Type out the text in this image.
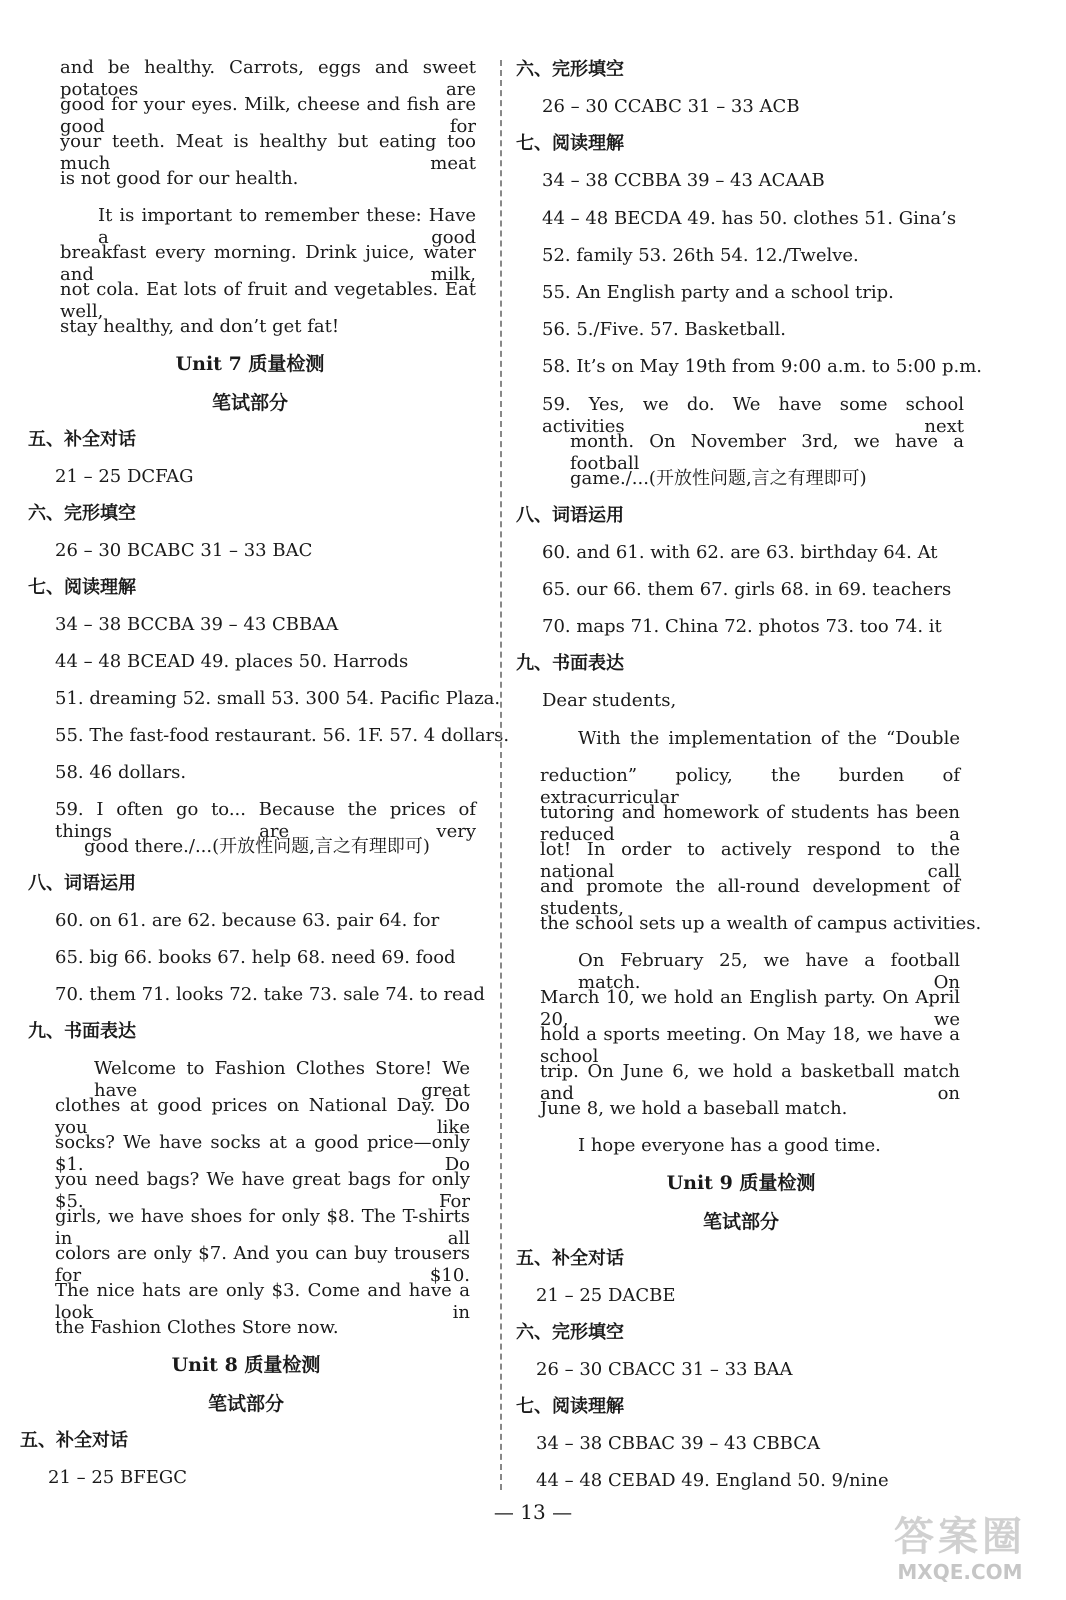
and be healthy. Carrots, eggs and sweet potatoes are
good for your eyes. Milk, cheese and fish are good for
your teeth. Meat is healthy but eating too much meat
is not good for our health.
It is important to remember these: Have a good
breakfast every morning. Drink juice, water and milk,
not cola. Eat lots of fruit and vegetables. Eat well,
stay healthy, and don’t get fat!
Unit 7 质量检测
笔试部分
五、补全对话
21 – 25 DCFAG
六、完形填空
26 – 30 BCABC 31 – 33 BAC
七、阅读理解
34 – 38 BCCBA 39 – 43 CBBAA
44 – 48 BCEAD 49. places 50. Harrods
51. dreaming 52. small 53. 300 54. Pacific Plaza.
55. The fast-food restaurant. 56. 1F. 57. 4 dollars.
58. 46 dollars.
59. I often go to... Because the prices of things are very
good there./...(开放性问题,言之有理即可)
八、词语运用
60. on 61. are 62. because 63. pair 64. for
65. big 66. books 67. help 68. need 69. food
70. them 71. looks 72. take 73. sale 74. to read
九、书面表达
Welcome to Fashion Clothes Store! We have great
clothes at good prices on National Day. Do you like
socks? We have socks at a good price—only $1. Do
you need bags? We have great bags for only $5. For
girls, we have shoes for only $8. The T-shirts in all
colors are only $7. And you can buy trousers for $10.
The nice hats are only $3. Come and have a look in
the Fashion Clothes Store now.
Unit 8 质量检测
笔试部分
五、补全对话
21 – 25 BFEGC
六、完形填空
26 – 30 CCABC 31 – 33 ACB
七、阅读理解
34 – 38 CCBBA 39 – 43 ACAAB
44 – 48 BECDA 49. has 50. clothes 51. Gina’s
52. family 53. 26th 54. 12./Twelve.
55. An English party and a school trip.
56. 5./Five. 57. Basketball.
58. It’s on May 19th from 9:00 a.m. to 5:00 p.m.
59. Yes, we do. We have some school activities next
month. On November 3rd, we have a football
game./...(开放性问题,言之有理即可)
八、词语运用
60. and 61. with 62. are 63. birthday 64. At
65. our 66. them 67. girls 68. in 69. teachers
70. maps 71. China 72. photos 73. too 74. it
九、书面表达
Dear students,
With the implementation of the “Double
reduction” policy, the burden of extracurricular
tutoring and homework of students has been reduced a
lot! In order to actively respond to the national call
and promote the all-round development of students,
the school sets up a wealth of campus activities.
On February 25, we have a football match. On
March 10, we hold an English party. On April 20, we
hold a sports meeting. On May 18, we have a school
trip. On June 6, we hold a basketball match and on
June 8, we hold a baseball match.
I hope everyone has a good time.
Unit 9 质量检测
笔试部分
五、补全对话
21 – 25 DACBE
六、完形填空
26 – 30 CBACC 31 – 33 BAA
七、阅读理解
34 – 38 CBBAC 39 – 43 CBBCA
44 – 48 CEBAD 49. England 50. 9/nine
— 13 —
答案圈
MXQE.COM
